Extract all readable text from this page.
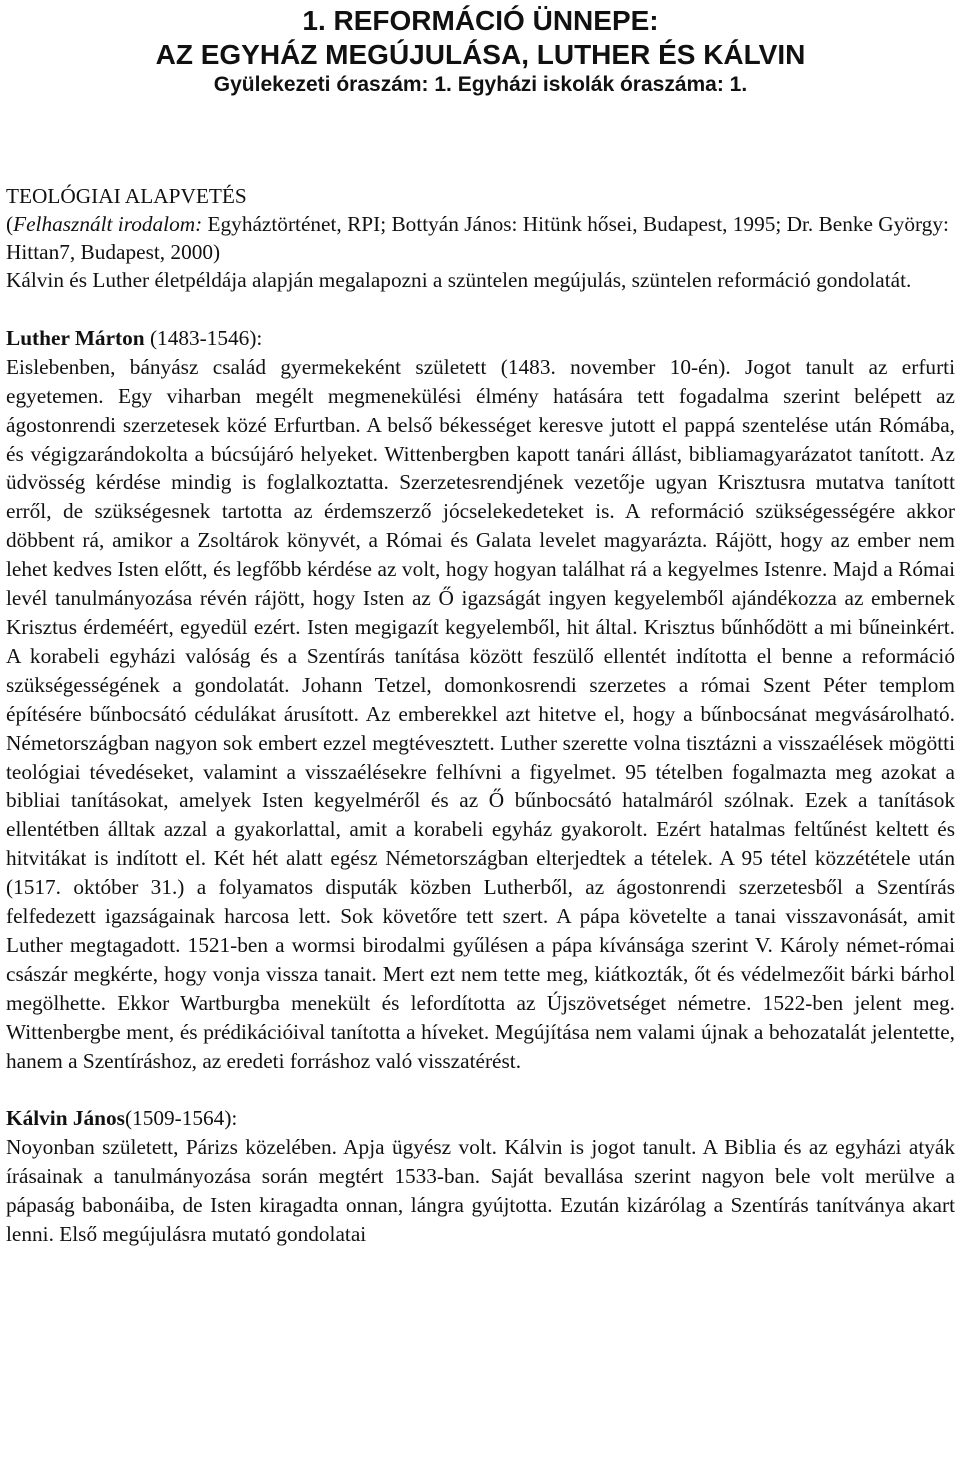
1. REFORMÁCIÓ ÜNNEPE:
AZ EGYHÁZ MEGÚJULÁSA, LUTHER ÉS KÁLVIN
Gyülekezeti óraszám: 1. Egyházi iskolák óraszáma: 1.
TEOLÓGIAI ALAPVETÉS
(Felhasznált irodalom: Egyháztörténet, RPI; Bottyán János: Hitünk hősei, Budapest, 1995; Dr. Benke György: Hittan7, Budapest, 2000)

Kálvin és Luther életpéldája alapján megalapozni a szüntelen megújulás, szüntelen reformáció gondolatát.

Luther Márton (1483-1546):

Eislebenben, bányász család gyermekeként született (1483. november 10-én). Jogot tanult az erfurti egyetemen. Egy viharban megélt megmenekülési élmény hatására tett fogadalma szerint belépett az ágostonrendi szerzetesek közé Erfurtban. A belső békességet keresve jutott el pappá szentelése után Rómába, és végigzarándokolta a búcsújáró helyeket. Wittenbergben kapott tanári állást, bibliamagyarázatot tanított. Az üdvösség kérdése mindig is foglalkoztatta. Szerzetesrendjének vezetője ugyan Krisztusra mutatva tanított erről, de szükségesnek tartotta az érdemszerző jócselekedeteket is. A reformáció szükségességére akkor döbbent rá, amikor a Zsoltárok könyvét, a Római és Galata levelet magyarázta. Rájött, hogy az ember nem lehet kedves Isten előtt, és legfőbb kérdése az volt, hogy hogyan találhat rá a kegyelmes Istenre. Majd a Római levél tanulmányozása révén rájött, hogy Isten az Ő igazságát ingyen kegyelemből ajándékozza az embernek Krisztus érdeméért, egyedül ezért. Isten megigazít kegyelemből, hit által. Krisztus bűnhődött a mi bűneinkért. A korabeli egyházi valóság és a Szentírás tanítása között feszülő ellentét indította el benne a reformáció szükségességének a gondolatát. Johann Tetzel, domonkosrendi szerzetes a római Szent Péter templom építésére bűnbocsátó cédulákat árusított. Az emberekkel azt hitetve el, hogy a bűnbocsánat megvásárolható. Németországban nagyon sok embert ezzel megtévesztett. Luther szerette volna tisztázni a visszaélések mögötti teológiai tévedéseket, valamint a visszaélésekre felhívni a figyelmet. 95 tételben fogalmazta meg azokat a bibliai tanításokat, amelyek Isten kegyelméről és az Ő bűnbocsátó hatalmáról szólnak. Ezek a tanítások ellentétben álltak azzal a gyakorlattal, amit a korabeli egyház gyakorolt. Ezért hatalmas feltűnést keltett és hitvitákat is indított el. Két hét alatt egész Németországban elterjedtek a tételek. A 95 tétel közzététele után (1517. október 31.) a folyamatos disputák közben Lutherből, az ágostonrendi szerzetesből a Szentírás felfedezett igazságainak harcosa lett. Sok követőre tett szert. A pápa követelte a tanai visszavonását, amit Luther megtagadott. 1521-ben a wormsi birodalmi gyűlésen a pápa kívánsága szerint V. Károly német-római császár megkérte, hogy vonja vissza tanait. Mert ezt nem tette meg, kiátkozták, őt és védelmezőit bárki bárhol megölhette. Ekkor Wartburgba menekült és lefordította az Újszövetséget németre. 1522-ben jelent meg. Wittenbergbe ment, és prédikációival tanította a híveket. Megújítása nem valami újnak a behozatalát jelentette, hanem a Szentíráshoz, az eredeti forráshoz való visszatérést.

Kálvin János(1509-1564):

Noyonban született, Párizs közelében. Apja ügyész volt. Kálvin is jogot tanult. A Biblia és az egyházi atyák írásainak a tanulmányozása során megtért 1533-ban. Saját bevallása szerint nagyon bele volt merülve a pápaság babonáiba, de Isten kiragadta onnan, lángra gyújtotta. Ezután kizárólag a Szentírás tanítványa akart lenni. Első megújulásra mutató gondolatai
